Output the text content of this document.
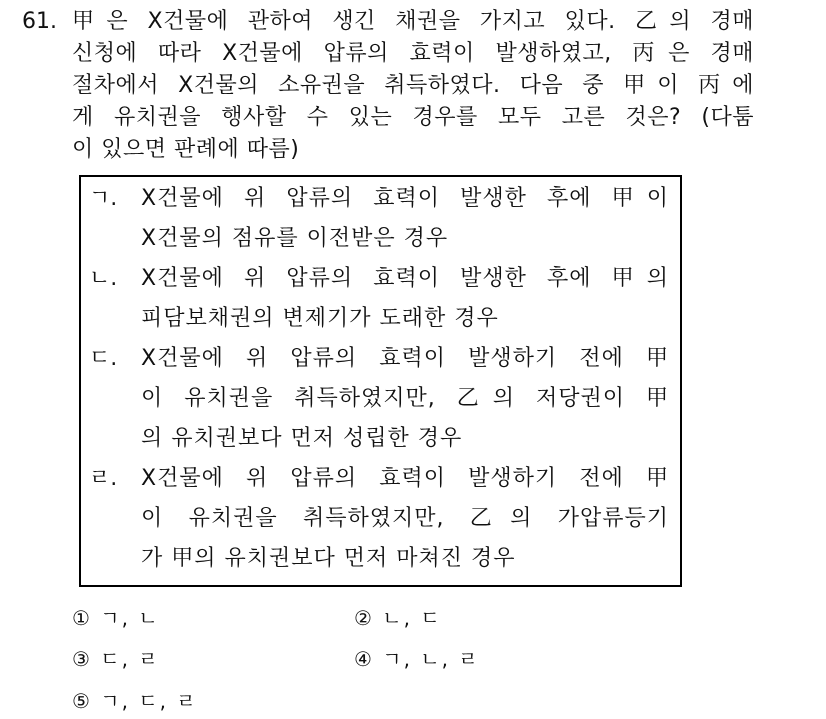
61. 甲은 X건물에 관하여 생긴 채권을 가지고 있다. 乙의 경매
신청에 따라 X건물에 압류의 효력이 발생하였고, 丙은 경매
절차에서 X건물의 소유권을 취득하였다. 다음 중 甲이 丙에
게 유치권을 행사할 수 있는 경우를 모두 고른 것은? (다툼
이 있으면 판례에 따름)
ㄱ.	X건물에 위 압류의 효력이 발생한 후에 甲이
X건물의 점유를 이전받은 경우
ㄴ.	X건물에 위 압류의 효력이 발생한 후에 甲의
피담보채권의 변제기가 도래한 경우
ㄷ.	X건물에 위 압류의 효력이 발생하기 전에 甲
이 유치권을 취득하였지만, 乙의 저당권이 甲
의 유치권보다 먼저 성립한 경우
ㄹ.	X건물에 위 압류의 효력이 발생하기 전에 甲
이 유치권을 취득하였지만, 乙의 가압류등기
가 甲의 유치권보다 먼저 마쳐진 경우
① ㄱ, ㄴ	② ㄴ, ㄷ
③ ㄷ, ㄹ	④ ㄱ, ㄴ, ㄹ
⑤ ㄱ, ㄷ, ㄹ
